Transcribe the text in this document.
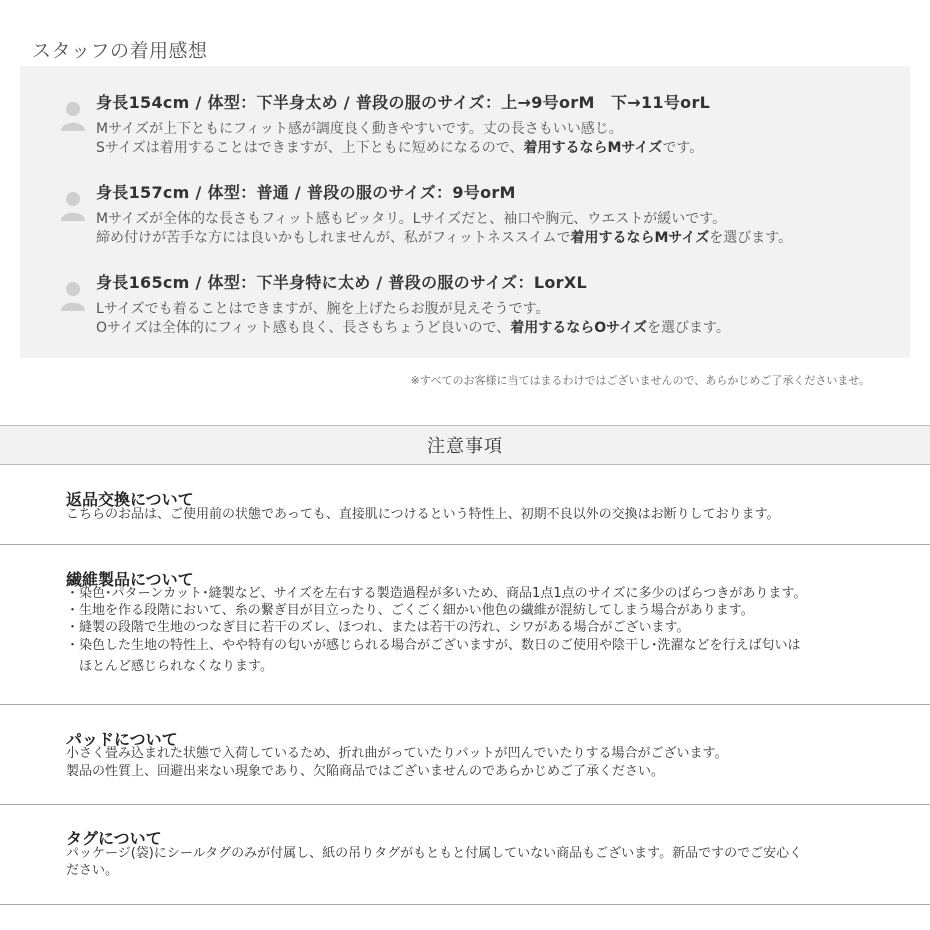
スタッフの着用感想
身長154cm / 体型：下半身太め / 普段の服のサイズ：上→9号orM　下→11号orL
Mサイズが上下ともにフィット感が調度良く動きやすいです。丈の長さもいい感じ。
Sサイズは着用することはできますが、上下ともに短めになるので、着用するならMサイズです。
身長157cm / 体型：普通 / 普段の服のサイズ：9号orM
Mサイズが全体的な長さもフィット感もピッタリ。Lサイズだと、袖口や胸元、ウエストが緩いです。
締め付けが苦手な方には良いかもしれませんが、私がフィットネススイムで着用するならMサイズを選びます。
身長165cm / 体型：下半身特に太め / 普段の服のサイズ：LorXL
Lサイズでも着ることはできますが、腕を上げたらお腹が見えそうです。
Oサイズは全体的にフィット感も良く、長さもちょうど良いので、着用するならOサイズを選びます。
※すべてのお客様に当てはまるわけではございませんので、あらかじめご了承くださいませ。
注意事項
返品交換について
こちらのお品は、ご使用前の状態であっても、直接肌につけるという特性上、初期不良以外の交換はお断りしております。
繊維製品について
・染色･パターンカット･縫製など、サイズを左右する製造過程が多いため、商品1点1点のサイズに多少のばらつきがあります。
・生地を作る段階において、糸の繋ぎ目が目立ったり、ごくごく細かい他色の繊維が混紡してしまう場合があります。
・縫製の段階で生地のつなぎ目に若干のズレ、ほつれ、または若干の汚れ、シワがある場合がございます。
・染色した生地の特性上、やや特有の匂いが感じられる場合がございますが、数日のご使用や陰干し･洗濯などを行えば匂いは
　ほとんど感じられなくなります。
パッドについて
小さく畳み込まれた状態で入荷しているため、折れ曲がっていたりパットが凹んでいたりする場合がございます。
製品の性質上、回避出来ない現象であり、欠陥商品ではございませんのであらかじめご了承ください。
タグについて
パッケージ(袋)にシールタグのみが付属し、紙の吊りタグがもともと付属していない商品もございます。新品ですのでご安心く
ださい。
